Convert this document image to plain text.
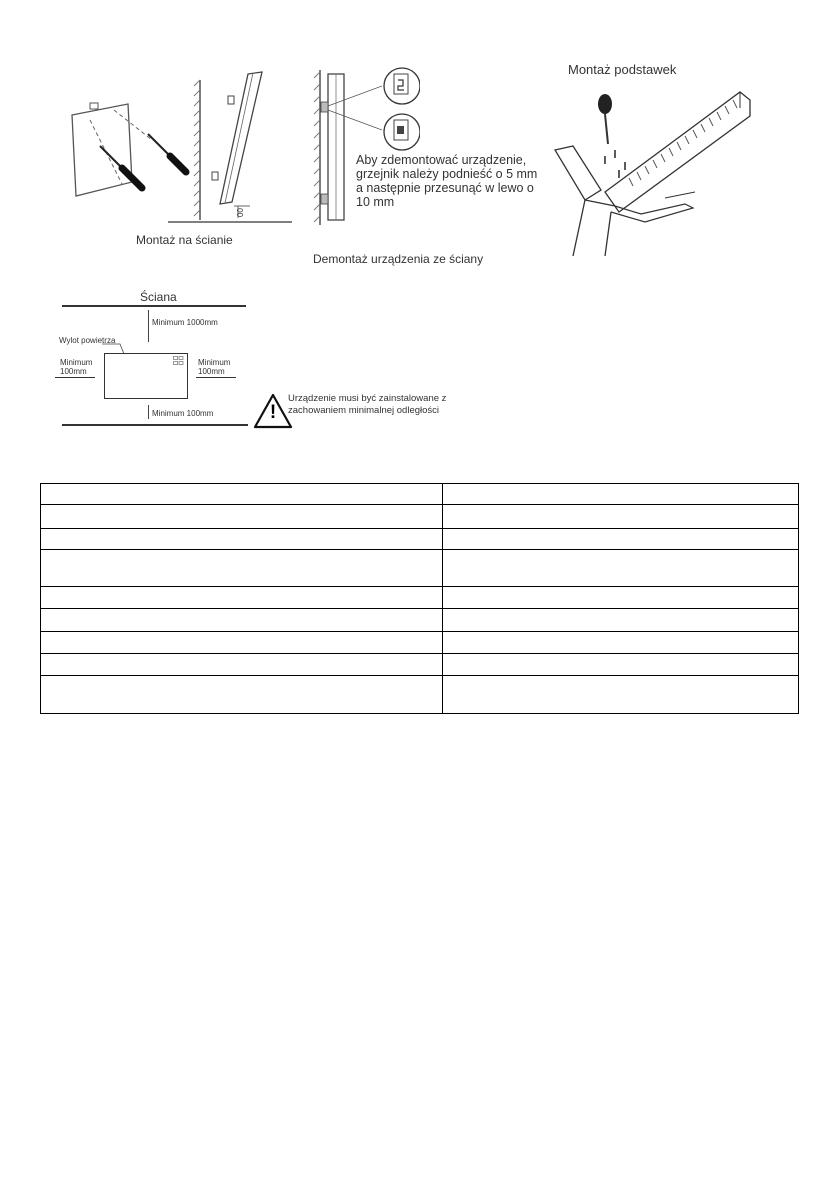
00
Montaż na ścianie
Aby zdemontować urządzenie,
grzejnik należy podnieść o 5 mm
a następnie przesunąć w lewo o
10 mm
Demontaż urządzenia ze ściany
Montaż podstawek
Ściana
Minimum 1000mm
Wylot powietrza
Minimum
100mm
Minimum
100mm
Minimum 100mm	!
Urządzenie musi być zainstalowane z
zachowaniem minimalnej odległości
